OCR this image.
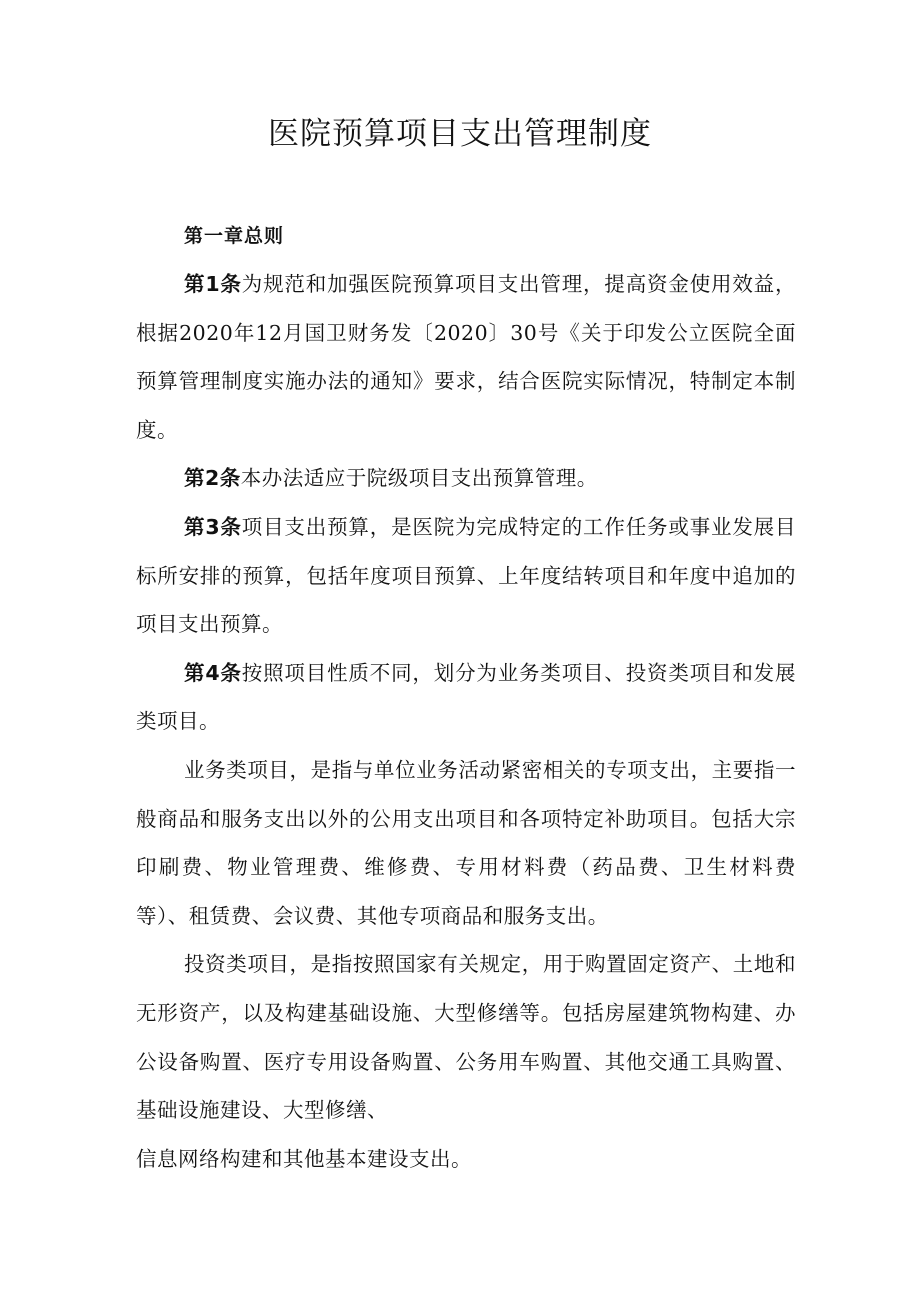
医院预算项目支出管理制度

第一章总则

第1条为规范和加强医院预算项目支出管理，提高资金使用效益，根据2020年12月国卫财务发〔2020〕30号《关于印发公立医院全面预算管理制度实施办法的通知》要求，结合医院实际情况，特制定本制度。

第2条本办法适应于院级项目支出预算管理。

第3条项目支出预算，是医院为完成特定的工作任务或事业发展目标所安排的预算，包括年度项目预算、上年度结转项目和年度中追加的项目支出预算。

第4条按照项目性质不同，划分为业务类项目、投资类项目和发展类项目。

业务类项目，是指与单位业务活动紧密相关的专项支出，主要指一般商品和服务支出以外的公用支出项目和各项特定补助项目。包括大宗印刷费、物业管理费、维修费、专用材料费（药品费、卫生材料费等）、租赁费、会议费、其他专项商品和服务支出。

投资类项目，是指按照国家有关规定，用于购置固定资产、土地和无形资产，以及构建基础设施、大型修缮等。包括房屋建筑物构建、办公设备购置、医疗专用设备购置、公务用车购置、其他交通工具购置、基础设施建设、大型修缮、

信息网络构建和其他基本建设支出。
